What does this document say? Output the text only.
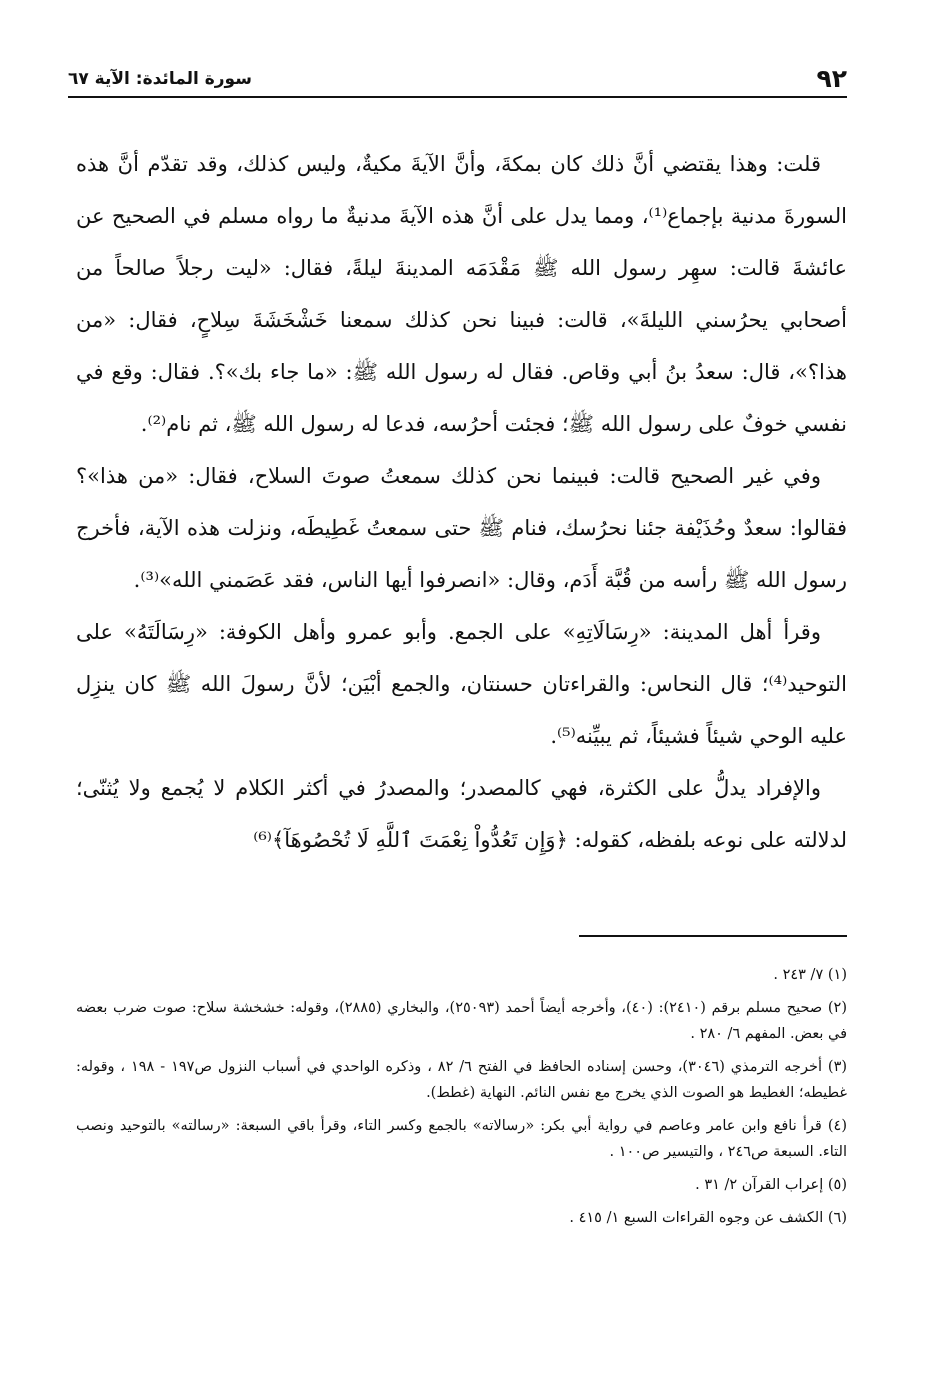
٩٢
سورة المائدة: الآية ٦٧

قلت: وهذا يقتضي أنَّ ذلك كان بمكةَ، وأنَّ الآيةَ مكيةٌ، وليس كذلك، وقد تقدّم أنَّ هذه السورةَ مدنية بإجماع⁽¹⁾، ومما يدل على أنَّ هذه الآيةَ مدنيةٌ ما رواه مسلم في الصحيح عن عائشةَ قالت: سهِر رسول الله ﷺ مَقْدَمَه المدينةَ ليلةً، فقال: «ليت رجلاً صالحاً من أصحابي يحرُسني الليلةَ»، قالت: فبينا نحن كذلك سمعنا خَشْخَشَةَ سِلاحٍ، فقال: «من هذا؟»، قال: سعدُ بنُ أبي وقاص. فقال له رسول الله ﷺ: «ما جاء بك»؟. فقال: وقع في نفسي خوفٌ على رسول الله ﷺ؛ فجئت أحرُسه، فدعا له رسول الله ﷺ، ثم نام⁽²⁾.

وفي غير الصحيح قالت: فبينما نحن كذلك سمعتُ صوتَ السلاح، فقال: «من هذا»؟ فقالوا: سعدٌ وحُذَيْفة جئنا نحرُسك، فنام ﷺ حتى سمعتُ غَطِيطَه، ونزلت هذه الآية، فأخرج رسول الله ﷺ رأسه من قُبَّة أَدَم، وقال: «انصرفوا أيها الناس، فقد عَصَمني الله»⁽³⁾.

وقرأ أهل المدينة: «رِسَالَاتِهِ» على الجمع. وأبو عمرو وأهل الكوفة: «رِسَالَتَهُ» على التوحيد⁽⁴⁾؛ قال النحاس: والقراءتان حسنتان، والجمع أبْيَن؛ لأنَّ رسولَ الله ﷺ كان ينزِل عليه الوحي شيئاً فشيئاً، ثم يبيِّنه⁽⁵⁾.

والإفراد يدلُّ على الكثرة، فهي كالمصدر؛ والمصدرُ في أكثر الكلام لا يُجمع ولا يُثنّى؛ لدلالته على نوعه بلفظه، كقوله: ﴿وَإِن تَعُدُّواْ نِعْمَتَ ٱللَّهِ لَا تُحْصُوهَآ﴾⁽⁶⁾

(١) ٧/ ٢٤٣ .

(٢) صحيح مسلم برقم (٢٤١٠): (٤٠)، وأخرجه أيضاً أحمد (٢٥٠٩٣)، والبخاري (٢٨٨٥)، وقوله: خشخشة سلاح: صوت ضرب بعضه في بعض. المفهم ٦/ ٢٨٠ .

(٣) أخرجه الترمذي (٣٠٤٦)، وحسن إسناده الحافظ في الفتح ٦/ ٨٢ ، وذكره الواحدي في أسباب النزول ص١٩٧ - ١٩٨ ، وقوله: غطيطه؛ الغطيط هو الصوت الذي يخرج مع نفس النائم. النهاية (غطط).

(٤) قرأ نافع وابن عامر وعاصم في رواية أبي بكر: «رسالاته» بالجمع وكسر التاء، وقرأ باقي السبعة: «رسالته» بالتوحيد ونصب التاء. السبعة ص٢٤٦ ، والتيسير ص١٠٠ .

(٥) إعراب القرآن ٢/ ٣١ .

(٦) الكشف عن وجوه القراءات السبع ١/ ٤١٥ .
